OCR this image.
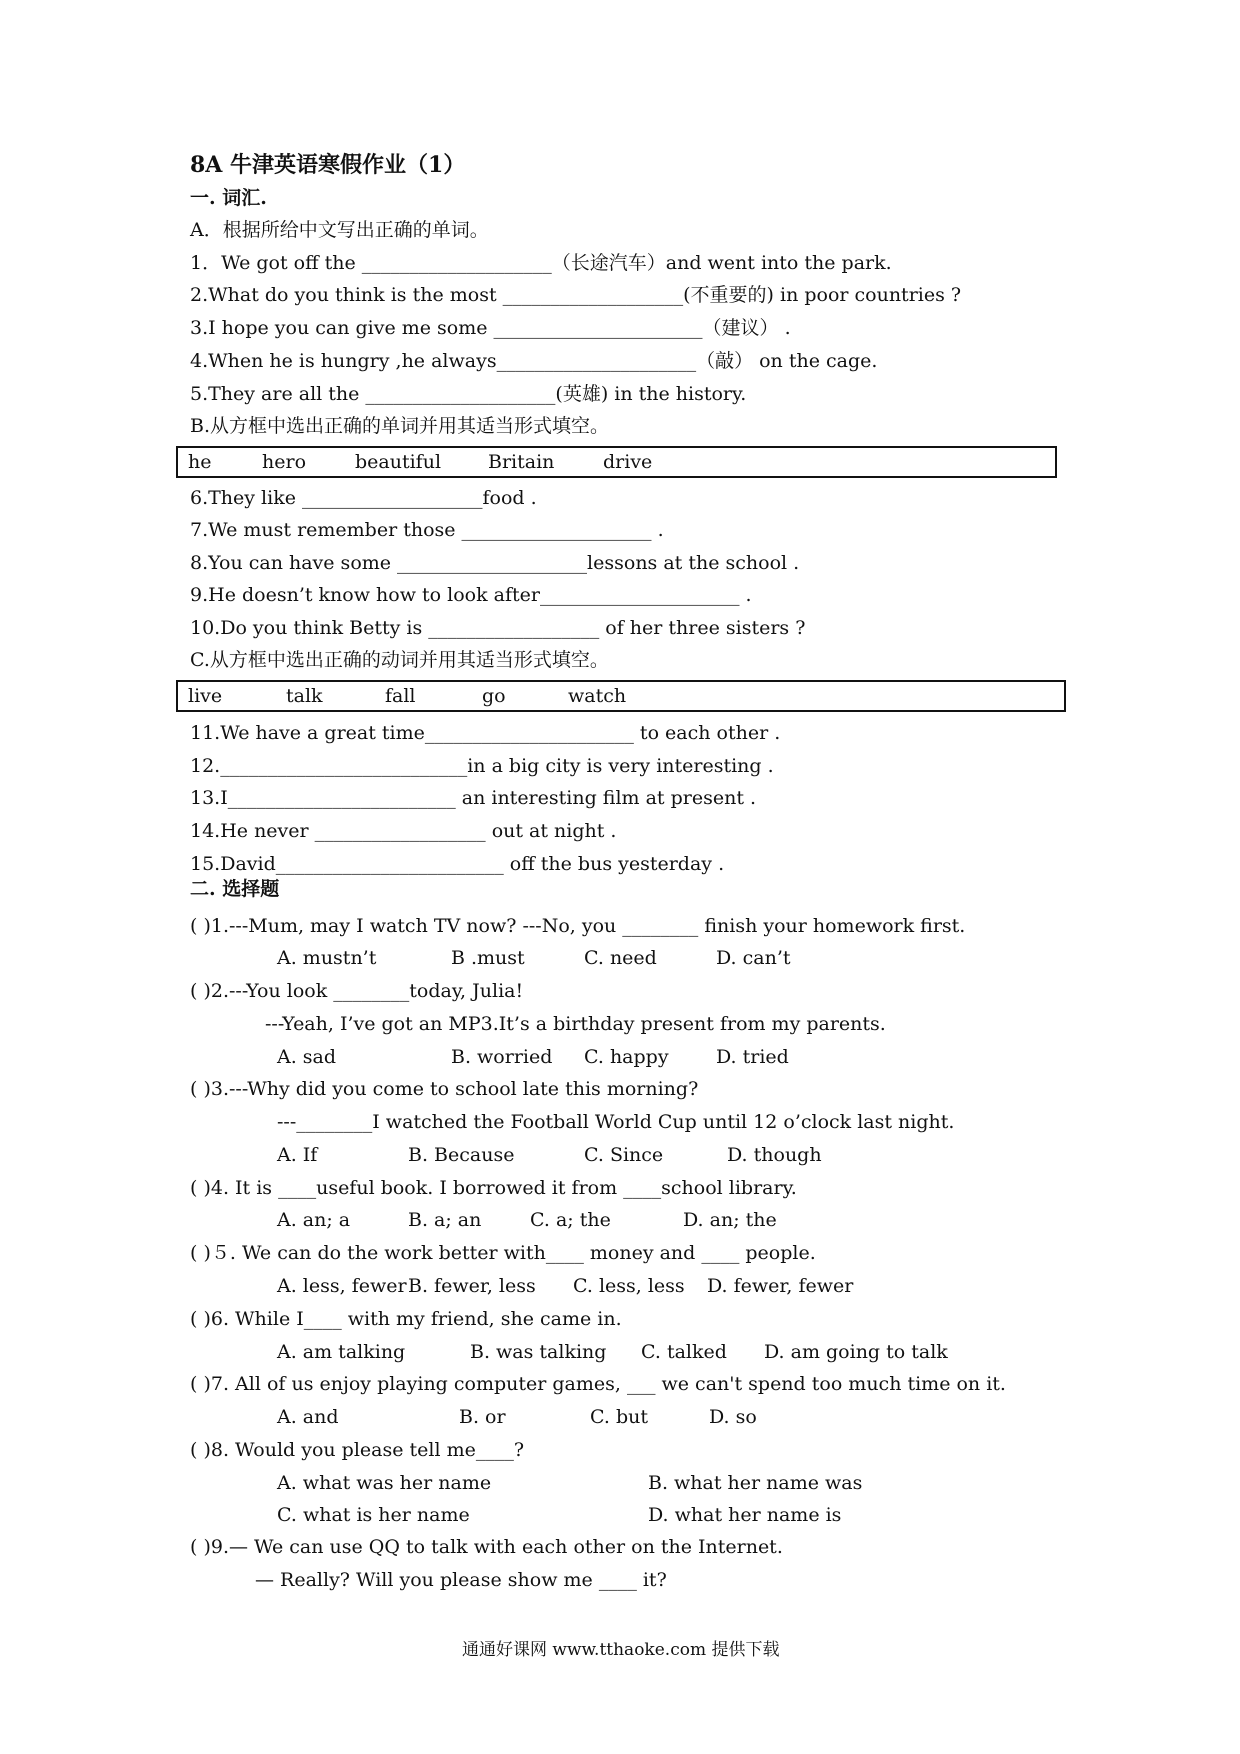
8A 牛津英语寒假作业（1）
一. 词汇.
A．根据所给中文写出正确的单词。
1．We got off the ____________________（长途汽车）and went into the park.
2.What do you think is the most ___________________(不重要的) in poor countries ?
3.I hope you can give me some ______________________（建议） .
4.When he is hungry ,he always_____________________（敲） on the cage.
5.They are all the ____________________(英雄) in the history.
B.从方框中选出正确的单词并用其适当形式填空。
he	hero	beautiful Britain	drive
6.They like ___________________food .
7.We must remember those ____________________ .
8.You can have some ____________________lessons at the school .
9.He doesn’t know how to look after_____________________ .
10.Do you think Betty is __________________ of her three sisters ?
C.从方框中选出正确的动词并用其适当形式填空。
live	talk	fall	go	watch
11.We have a great time______________________ to each other .
12.__________________________in a big city is very interesting .
13.I________________________ an interesting film at present .
14.He never __________________ out at night .
15.David________________________ off the bus yesterday .
二. 选择题
( )1.---Mum, may I watch TV now? ---No, you ________ finish your homework first.
A. mustn’t	B .must	C. need	D. can’t
( )2.---You look ________today, Julia!
---Yeah, I’ve got an MP3.It’s a birthday present from my parents.
A. sad	B. worried C. happy D. tried
( )3.---Why did you come to school late this morning?
---________I watched the Football World Cup until 12 o’clock last night.
A. If	B. Because	C. Since	D. though
( )4. It is ____useful book. I borrowed it from ____school library.
A. an; a	B. a; an	C. a; the	D. an; the
( )５. We can do the work better with____ money and ____ people.
A. less, fewer B. fewer, less C. less, less D. fewer, fewer
( )6. While I____ with my friend, she came in.
A. am talking	B. was talking C. talked D. am going to talk
( )7. All of us enjoy playing computer games, ___ we can't spend too much time on it.
A. and	B. or	C. but	D. so
( )8. Would you please tell me____?
A. what was her name	B. what her name was
C. what is her name	D. what her name is
( )9.— We can use QQ to talk with each other on the Internet.
— Really? Will you please show me ____ it?
通通好课网 www.tthaoke.com 提供下载
